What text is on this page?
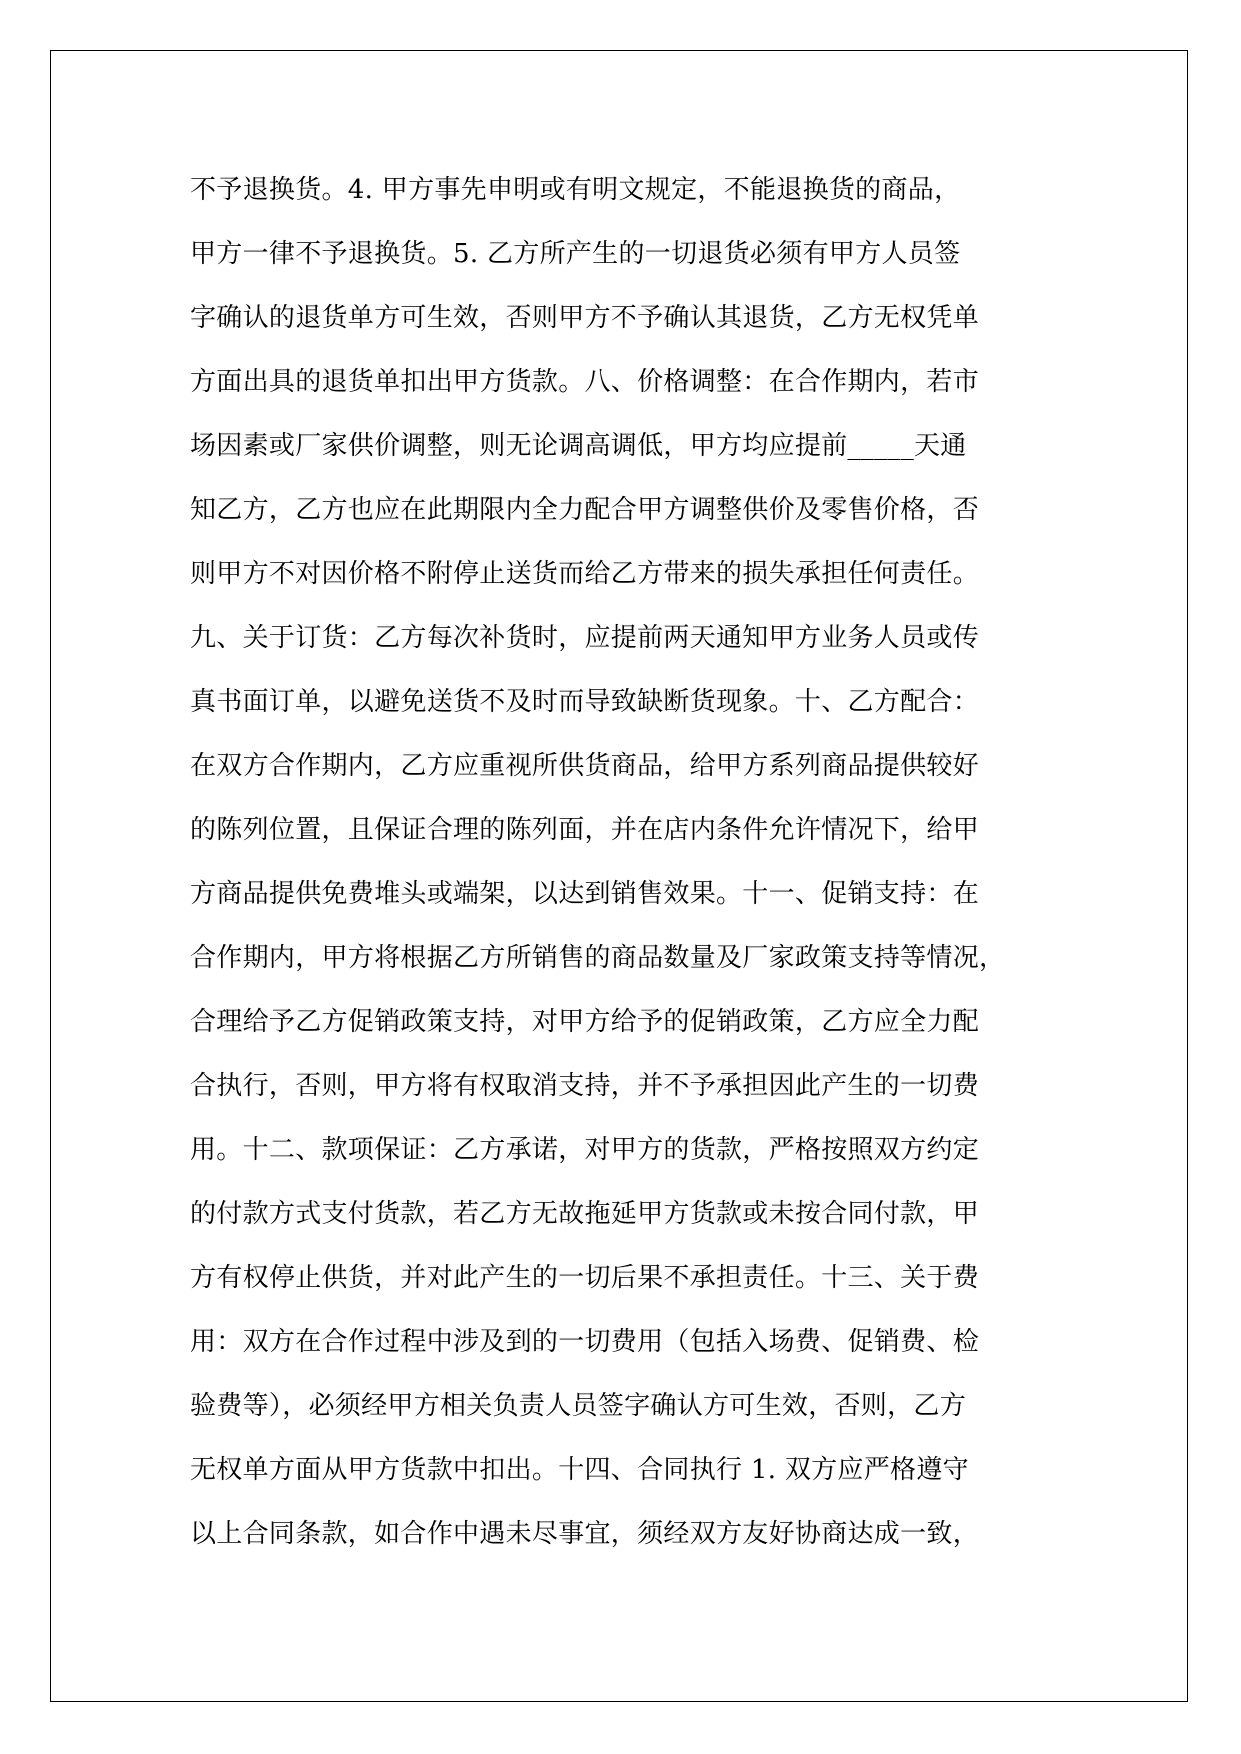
不予退换货。4. 甲方事先申明或有明文规定，不能退换货的商品，
甲方一律不予退换货。5. 乙方所产生的一切退货必须有甲方人员签
字确认的退货单方可生效，否则甲方不予确认其退货，乙方无权凭单
方面出具的退货单扣出甲方货款。八、价格调整：在合作期内，若市
场因素或厂家供价调整，则无论调高调低，甲方均应提前_____天通
知乙方，乙方也应在此期限内全力配合甲方调整供价及零售价格，否
则甲方不对因价格不附停止送货而给乙方带来的损失承担任何责任。
九、关于订货：乙方每次补货时，应提前两天通知甲方业务人员或传
真书面订单，以避免送货不及时而导致缺断货现象。十、乙方配合：
在双方合作期内，乙方应重视所供货商品，给甲方系列商品提供较好
的陈列位置，且保证合理的陈列面，并在店内条件允许情况下，给甲
方商品提供免费堆头或端架，以达到销售效果。十一、促销支持：在
合作期内，甲方将根据乙方所销售的商品数量及厂家政策支持等情况，
合理给予乙方促销政策支持，对甲方给予的促销政策，乙方应全力配
合执行，否则，甲方将有权取消支持，并不予承担因此产生的一切费
用。十二、款项保证：乙方承诺，对甲方的货款，严格按照双方约定
的付款方式支付货款，若乙方无故拖延甲方货款或未按合同付款，甲
方有权停止供货，并对此产生的一切后果不承担责任。十三、关于费
用：双方在合作过程中涉及到的一切费用（包括入场费、促销费、检
验费等），必须经甲方相关负责人员签字确认方可生效，否则，乙方
无权单方面从甲方货款中扣出。十四、合同执行 1. 双方应严格遵守
以上合同条款，如合作中遇未尽事宜，须经双方友好协商达成一致，
